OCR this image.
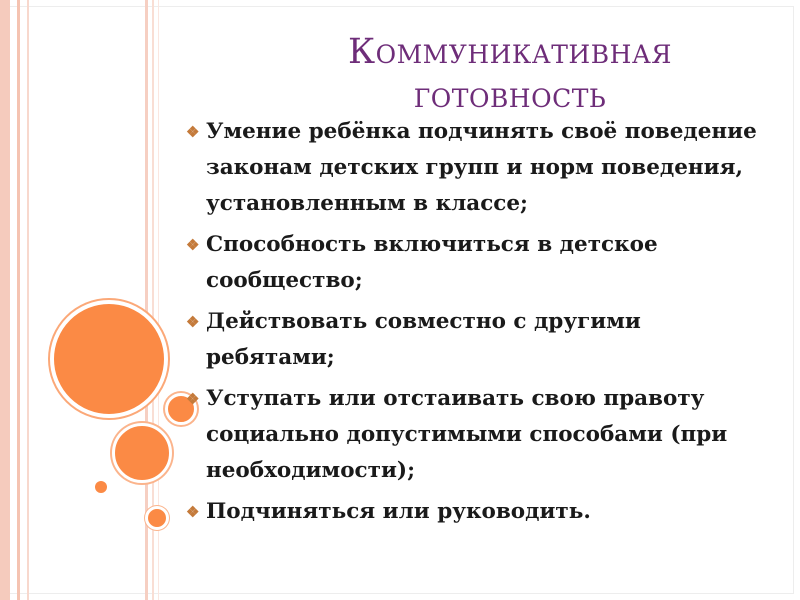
Коммуникативная
готовность
❖ Умение ребёнка подчинять своё поведение законам детских групп и норм поведения, установленным в классе;
❖ Способность включиться в детское сообщество;
❖ Действовать совместно с другими ребятами;
❖ Уступать или отстаивать свою правоту социально допустимыми способами (при необходимости);
❖ Подчиняться или руководить.
